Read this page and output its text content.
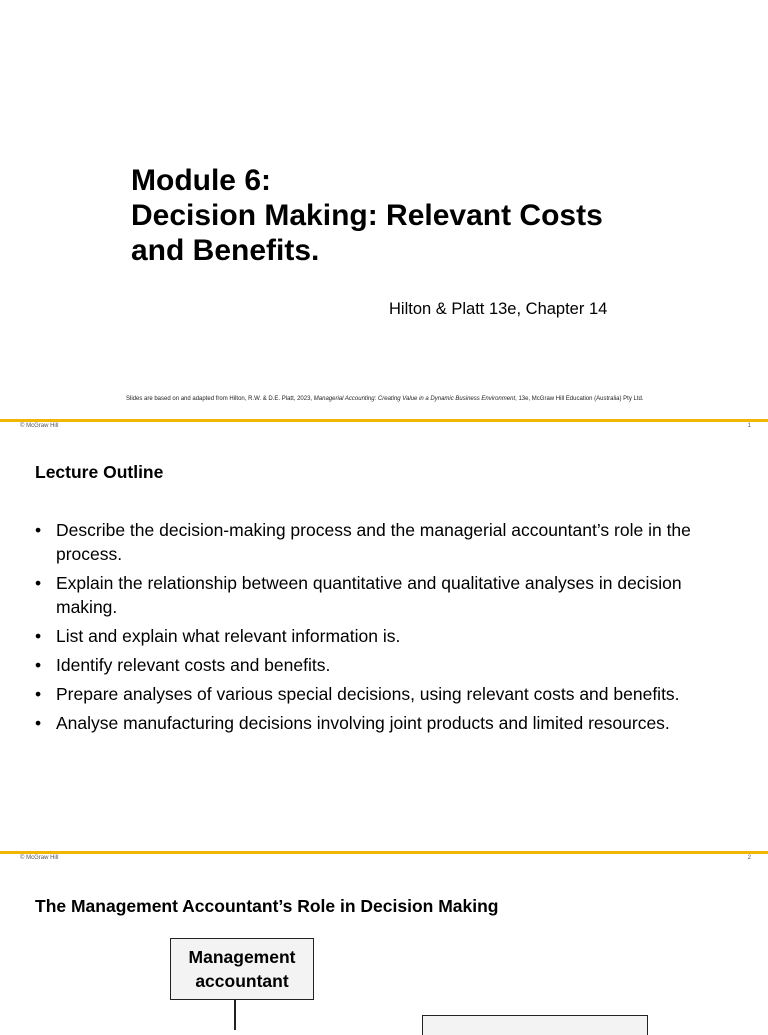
Module 6:
Decision Making: Relevant Costs
and Benefits.
Hilton & Platt 13e, Chapter 14
Slides are based on and adapted from Hilton, R.W. & D.E. Platt, 2023, Managerial Accounting: Creating Value in a Dynamic Business Environment, 13e, McGraw Hill Education (Australia) Pty Ltd.
© McGraw Hill	1
Lecture Outline
• Describe the decision-making process and the managerial accountant’s role in the process.
• Explain the relationship between quantitative and qualitative analyses in decision making.
• List and explain what relevant information is.
• Identify relevant costs and benefits.
• Prepare analyses of various special decisions, using relevant costs and benefits.
• Analyse manufacturing decisions involving joint products and limited resources.
© McGraw Hill	2
The Management Accountant’s Role in Decision Making
Management
accountant
